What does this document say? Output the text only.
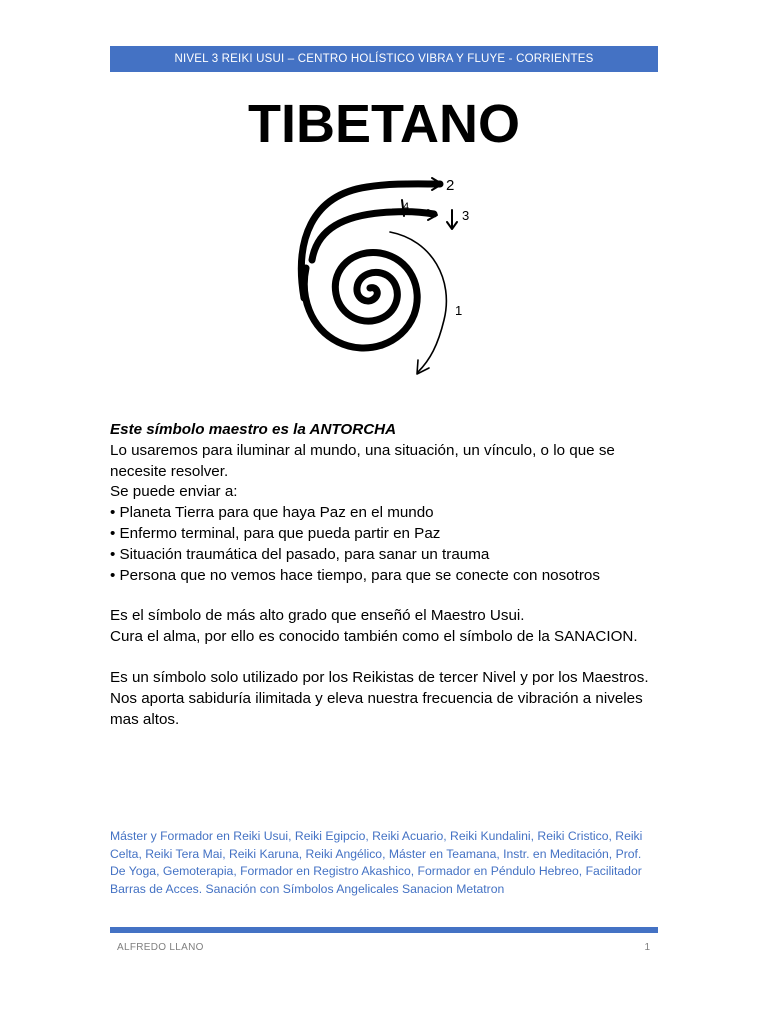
NIVEL 3 REIKI USUI – CENTRO HOLÍSTICO VIBRA Y FLUYE - CORRIENTES
TIBETANO
2
4
3
1

Este símbolo maestro es la ANTORCHA

Lo usaremos para iluminar al mundo, una situación, un vínculo, o lo que se necesite resolver.

Se puede enviar a:

• Planeta Tierra para que haya Paz en el mundo
• Enfermo terminal, para que pueda partir en Paz
• Situación traumática del pasado, para sanar un trauma
• Persona que no vemos hace tiempo, para que se conecte con nosotros

Es el símbolo de más alto grado que enseñó el Maestro Usui.

Cura el alma, por ello es conocido también como el símbolo de la SANACION.

Es un símbolo solo utilizado por los Reikistas de tercer Nivel y por los Maestros.

Nos aporta sabiduría ilimitada y eleva nuestra frecuencia de vibración a niveles mas altos.

Máster y Formador en Reiki Usui, Reiki Egipcio, Reiki Acuario, Reiki Kundalini, Reiki Cristico, Reiki Celta, Reiki Tera Mai, Reiki Karuna, Reiki Angélico, Máster en Teamana, Instr. en Meditación, Prof. De Yoga, Gemoterapia, Formador en Registro Akashico, Formador en Péndulo Hebreo, Facilitador Barras de Acces. Sanación con Símbolos Angelicales Sanacion Metatron
ALFREDO LLANO	1
